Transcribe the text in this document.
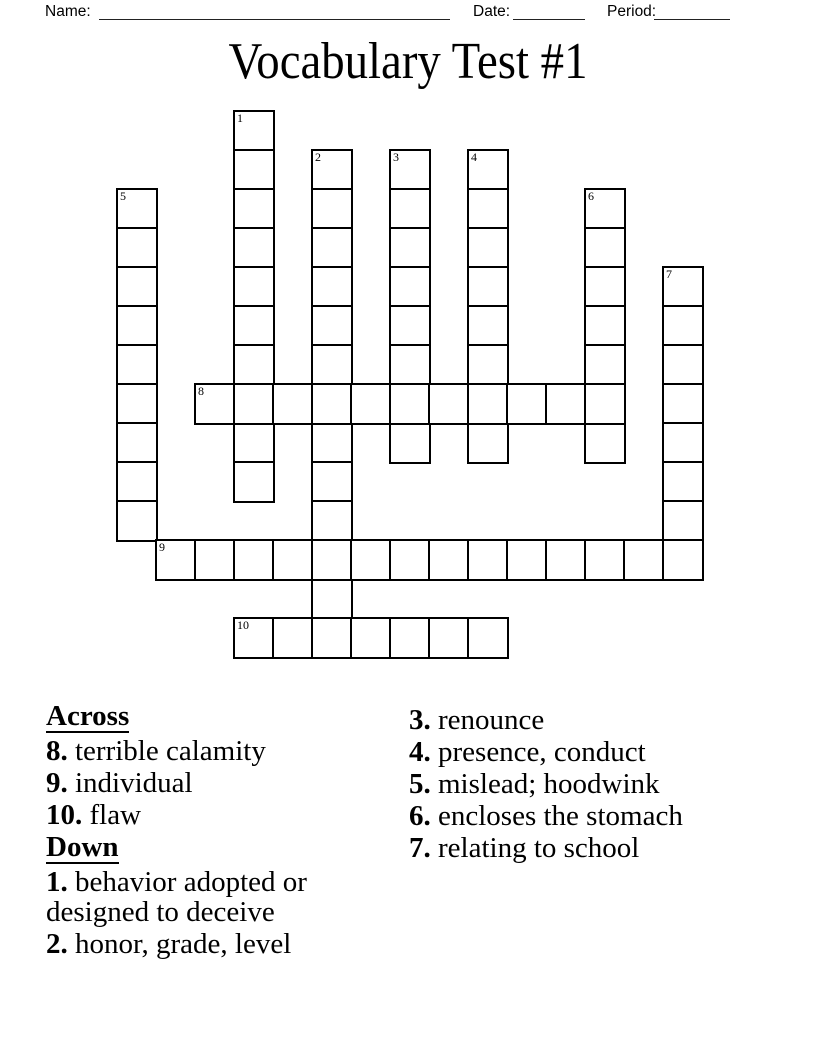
Name:	Date:	Period:
Vocabulary Test #1
1
2	3	4
5	6
7
8
9
10
Across
8. terrible calamity
9. individual
10. flaw
Down
1. behavior adopted or designed to deceive
2. honor, grade, level
3. renounce
4. presence, conduct
5. mislead; hoodwink
6. encloses the stomach
7. relating to school
